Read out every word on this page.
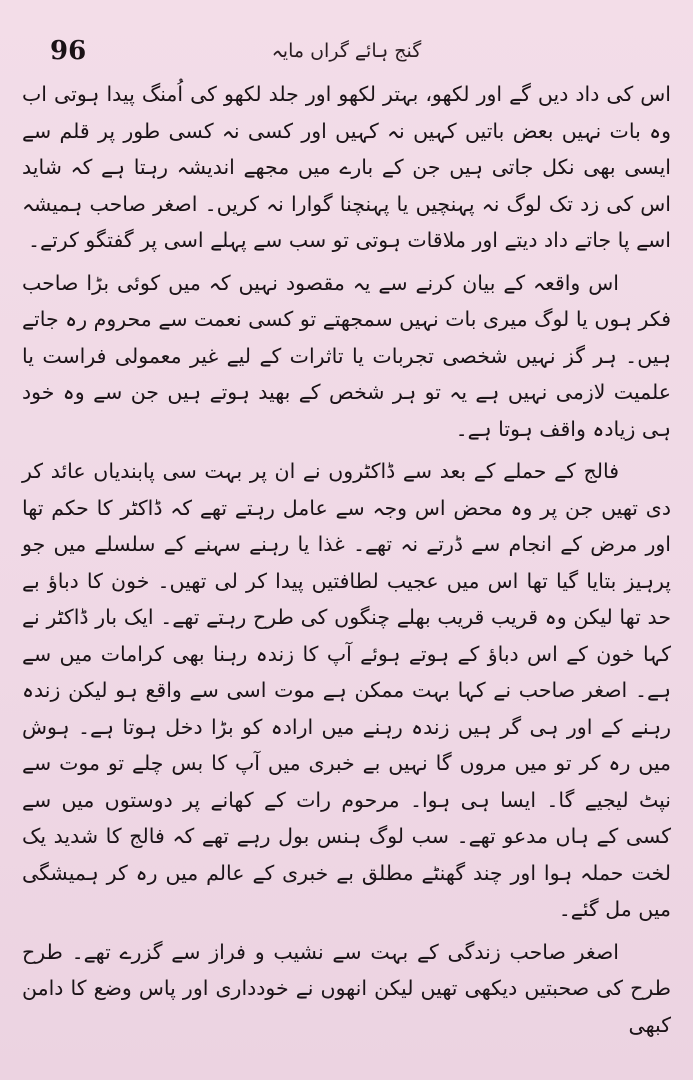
96	گنج ہائے گراں مایہ

اس کی داد دیں گے اور لکھو، بہتر لکھو اور جلد لکھو کی اُمنگ پیدا ہوتی اب وہ بات نہیں بعض باتیں کہیں نہ کہیں اور کسی نہ کسی طور پر قلم سے ایسی بھی نکل جاتی ہیں جن کے بارے میں مجھے اندیشہ رہتا ہے کہ شاید اس کی زد تک لوگ نہ پہنچیں یا پہنچنا گوارا نہ کریں۔ اصغر صاحب ہمیشہ اسے پا جاتے داد دیتے اور ملاقات ہوتی تو سب سے پہلے اسی پر گفتگو کرتے۔

اس واقعہ کے بیان کرنے سے یہ مقصود نہیں کہ میں کوئی بڑا صاحب فکر ہوں یا لوگ میری بات نہیں سمجھتے تو کسی نعمت سے محروم رہ جاتے ہیں۔ ہر گز نہیں شخصی تجربات یا تاثرات کے لیے غیر معمولی فراست یا علمیت لازمی نہیں ہے یہ تو ہر شخص کے بھید ہوتے ہیں جن سے وہ خود ہی زیادہ واقف ہوتا ہے۔

فالج کے حملے کے بعد سے ڈاکٹروں نے ان پر بہت سی پابندیاں عائد کر دی تھیں جن پر وہ محض اس وجہ سے عامل رہتے تھے کہ ڈاکٹر کا حکم تھا اور مرض کے انجام سے ڈرتے نہ تھے۔ غذا یا رہنے سہنے کے سلسلے میں جو پرہیز بتایا گیا تھا اس میں عجیب لطافتیں پیدا کر لی تھیں۔ خون کا دباؤ بے حد تھا لیکن وہ قریب قریب بھلے چنگوں کی طرح رہتے تھے۔ ایک بار ڈاکٹر نے کہا خون کے اس دباؤ کے ہوتے ہوئے آپ کا زندہ رہنا بھی کرامات میں سے ہے۔ اصغر صاحب نے کہا بہت ممکن ہے موت اسی سے واقع ہو لیکن زندہ رہنے کے اور ہی گر ہیں زندہ رہنے میں ارادہ کو بڑا دخل ہوتا ہے۔ ہوش میں رہ کر تو میں مروں گا نہیں بے خبری میں آپ کا بس چلے تو موت سے نپٹ لیجیے گا۔ ایسا ہی ہوا۔ مرحوم رات کے کھانے پر دوستوں میں سے کسی کے ہاں مدعو تھے۔ سب لوگ ہنس بول رہے تھے کہ فالج کا شدید یک لخت حملہ ہوا اور چند گھنٹے مطلق بے خبری کے عالم میں رہ کر ہمیشگی میں مل گئے۔

اصغر صاحب زندگی کے بہت سے نشیب و فراز سے گزرے تھے۔ طرح طرح کی صحبتیں دیکھی تھیں لیکن انھوں نے خودداری اور پاس وضع کا دامن کبھی
